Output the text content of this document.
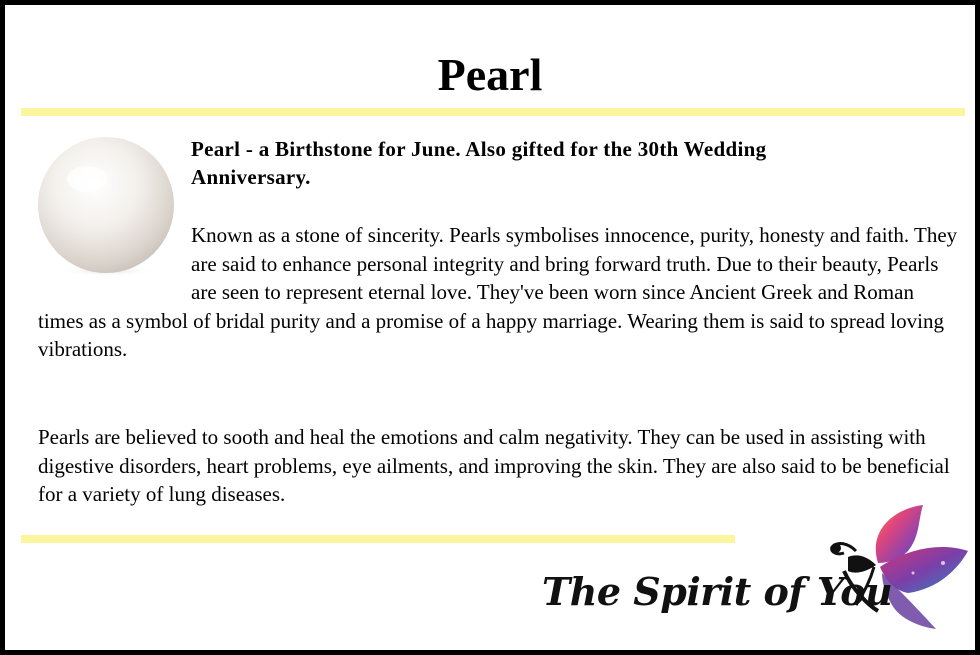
Pearl

Pearl - a Birthstone for June. Also gifted for the 30th Wedding Anniversary.

Known as a stone of sincerity. Pearls symbolises innocence, purity, honesty and faith. They are said to enhance personal integrity and bring forward truth. Due to their beauty, Pearls are seen to represent eternal love. They've been worn since Ancient Greek and Roman times as a symbol of bridal purity and a promise of a happy marriage. Wearing them is said to spread loving vibrations.

Pearls are believed to sooth and heal the emotions and calm negativity. They can be used in assisting with digestive disorders, heart problems, eye ailments, and improving the skin. They are also said to be beneficial for a variety of lung diseases.

The Spirit of You
